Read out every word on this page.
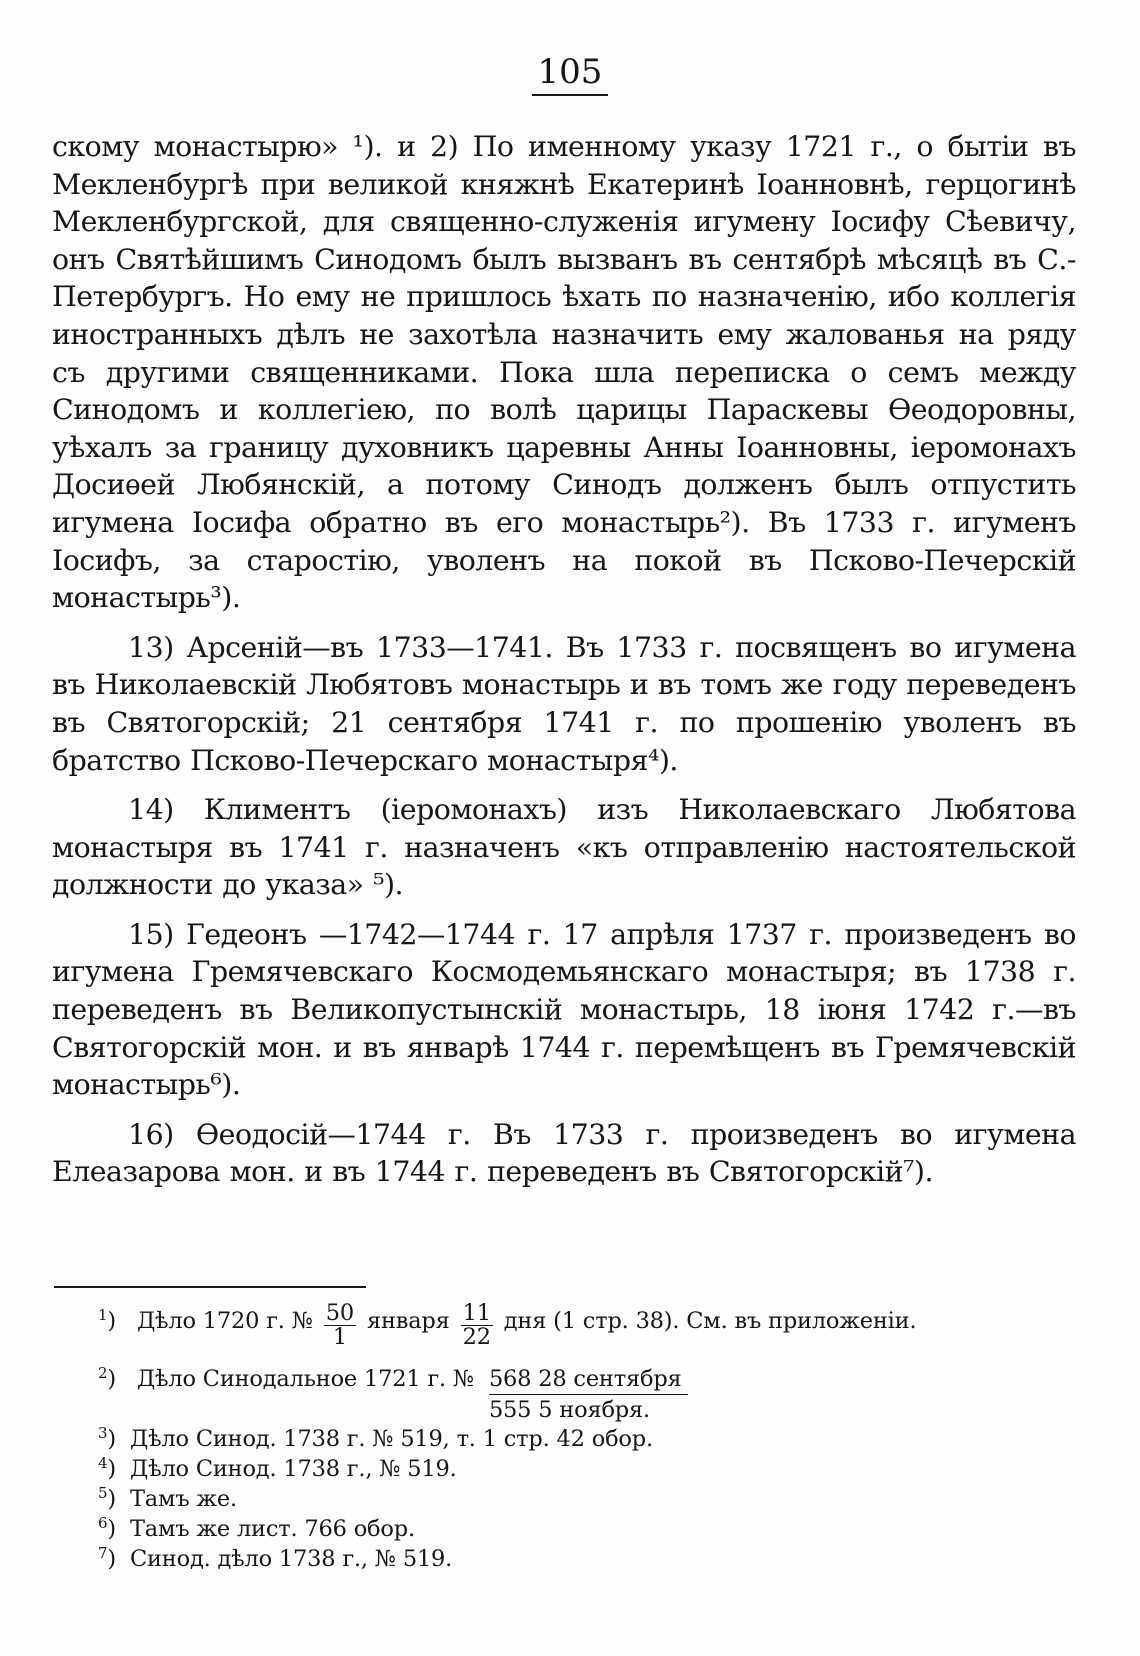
105

скому монастырю» ¹). и 2) По именному указу 1721 г., о бытіи въ Мекленбургѣ при великой княжнѣ Екатеринѣ Іоанновнѣ, герцогинѣ Мекленбургской, для священно-служенія игумену Іосифу Сѣевичу, онъ Святѣйшимъ Синодомъ былъ вызванъ въ сентябрѣ мѣсяцѣ въ С.-Петербургъ. Но ему не пришлось ѣхать по назначенію, ибо коллегія иностранныхъ дѣлъ не захотѣла назначить ему жалованья на ряду съ другими священниками. Пока шла переписка о семъ между Синодомъ и коллегіею, по волѣ царицы Параскевы Ѳеодоровны, уѣхалъ за границу духовникъ царевны Анны Іоанновны, іеромонахъ Досиѳей Любянскій, а потому Синодъ долженъ былъ отпустить игумена Іосифа обратно въ его монастырь²). Въ 1733 г. игуменъ Іосифъ, за старостію, уволенъ на покой въ Псково-Печерскій монастырь³).

13) Арсеній—въ 1733—1741. Въ 1733 г. посвященъ во игумена въ Николаевскій Любятовъ монастырь и въ томъ же году переведенъ въ Святогорскій; 21 сентября 1741 г. по прошенію уволенъ въ братство Псково-Печерскаго монастыря⁴).

14) Климентъ (іеромонахъ) изъ Николаевскаго Любятова монастыря въ 1741 г. назначенъ «къ отправленію настоятельской должности до указа» ⁵).

15) Гедеонъ —1742—1744 г. 17 апрѣля 1737 г. произведенъ во игумена Гремячевскаго Космодемьянскаго монастыря; въ 1738 г. переведенъ въ Великопустынскій монастырь, 18 іюня 1742 г.—въ Святогорскій мон. и въ январѣ 1744 г. перемѣщенъ въ Гремячевскій монастырь⁶).

16) Ѳеодосій—1744 г. Въ 1733 г. произведенъ во игумена Елеазарова мон. и въ 1744 г. переведенъ въ Святогорскій⁷).

$^1$) Дѣло 1720 г. № $\frac{50}{1}$ января $\frac{11}{22}$ дня (1 стр. 38). См. въ приложеніи.
$^2$) Дѣло Синодальное 1721 г. № 568 28 сентября
555 5 ноября.
$^3$) Дѣло Синод. 1738 г. № 519, т. 1 стр. 42 обор.
$^4$) Дѣло Синод. 1738 г., № 519.
$^5$) Тамъ же.
$^6$) Тамъ же лист. 766 обор.
$^7$) Синод. дѣло 1738 г., № 519.
